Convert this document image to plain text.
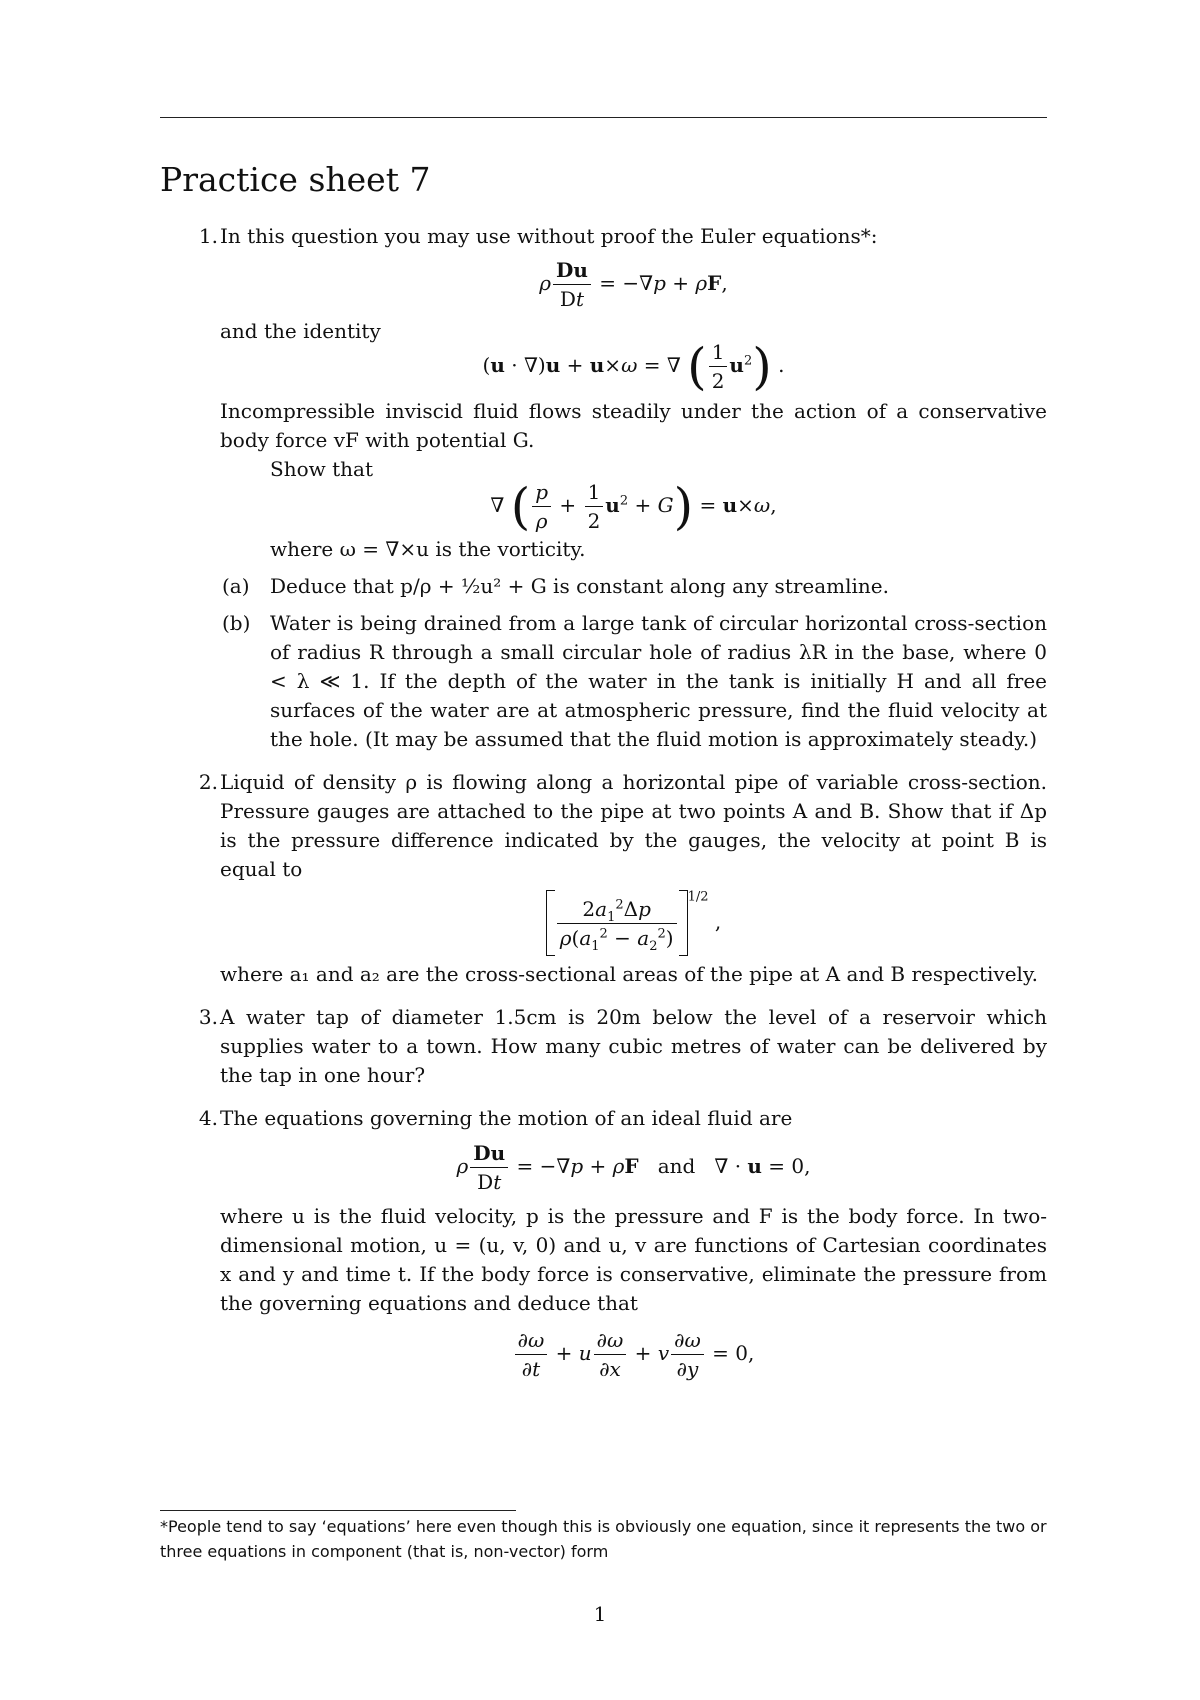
Practice sheet 7
1. In this question you may use without proof the Euler equations*:

ρ $\frac{Du}{Dt} = -\nabla p + \rho F$,

and the identity

(u · ∇)u + u×ω = ∇ ( $\frac{1}{2} u^2$) .

Incompressible inviscid fluid flows steadily under the action of a conservative body force vF with potential G.

Show that

∇ ( $\frac{p}{\rho} + \frac{1}{2} u^2 + G) = u\times\omega$,

where ω = ∇×u is the vorticity.

(a) Deduce that p/ρ + ½u² + G is constant along any streamline.

(b) Water is being drained from a large tank of circular horizontal cross-section of radius R through a small circular hole of radius λR in the base, where 0 < λ ≪ 1. If the depth of the water in the tank is initially H and all free surfaces of the water are at atmospheric pressure, find the fluid velocity at the hole. (It may be assumed that the fluid motion is approximately steady.)

2. Liquid of density ρ is flowing along a horizontal pipe of variable cross-section. Pressure gauges are attached to the pipe at two points A and B. Show that if Δp is the pressure difference indicated by the gauges, the velocity at point B is equal to

$\frac{2a_1^2\Delta p}{\rho(a_1^2 - a_2^2)} ^{1/2}$ ,

where a₁ and a₂ are the cross-sectional areas of the pipe at A and B respectively.

3. A water tap of diameter 1.5cm is 20m below the level of a reservoir which supplies water to a town. How many cubic metres of water can be delivered by the tap in one hour?

4. The equations governing the motion of an ideal fluid are

ρ $\frac{Du}{Dt} = -\nabla p + \rho F$ and   ∇ · u = 0,

where u is the fluid velocity, p is the pressure and F is the body force. In two-dimensional motion, u = (u, v, 0) and u, v are functions of Cartesian coordinates x and y and time t. If the body force is conservative, eliminate the pressure from the governing equations and deduce that

$\frac{\partial\omega}{\partial t} + u \frac{\partial\omega}{\partial x} + v \frac{\partial\omega}{\partial y} = 0$,

*People tend to say ‘equations’ here even though this is obviously one equation, since it represents the two or three equations in component (that is, non-vector) form

1
